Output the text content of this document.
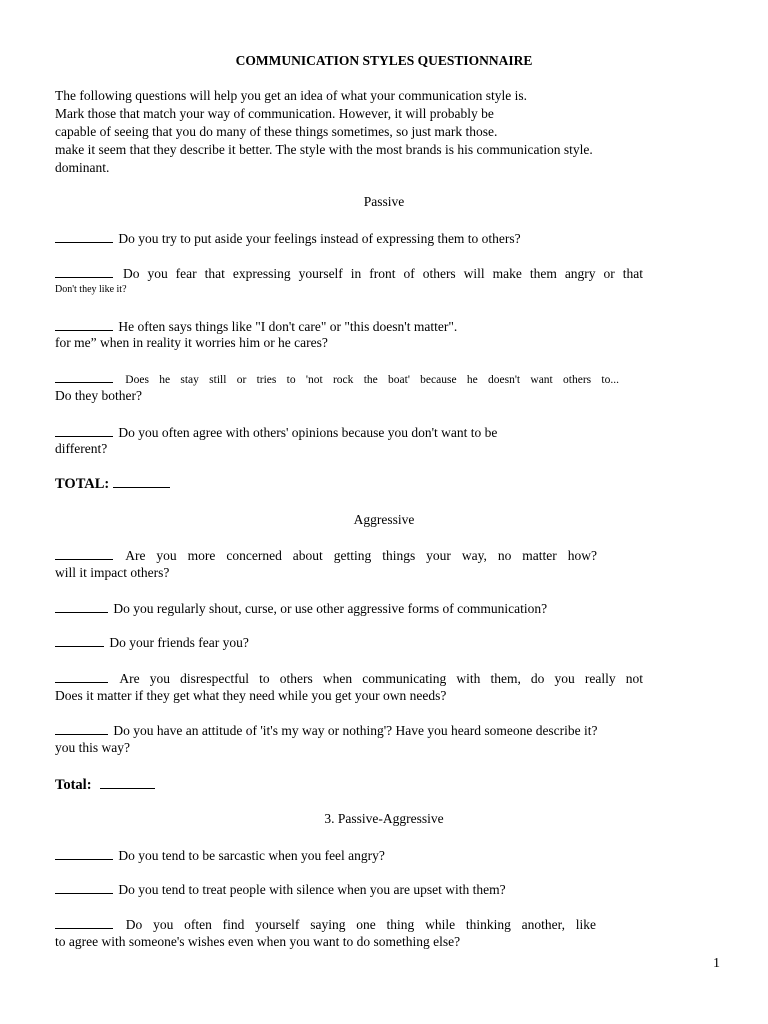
COMMUNICATION STYLES QUESTIONNAIRE
The following questions will help you get an idea of what your communication style is.
Mark those that match your way of communication. However, it will probably be
capable of seeing that you do many of these things sometimes, so just mark those.
make it seem that they describe it better. The style with the most brands is his communication style.
dominant.
Passive
Do you try to put aside your feelings instead of expressing them to others?
Do you fear that expressing yourself in front of others will make them angry or that
Don't they like it?
He often says things like "I don't care" or "this doesn't matter".
for me” when in reality it worries him or he cares?
Does he stay still or tries to 'not rock the boat' because he doesn't want others to...
Do they bother?
Do you often agree with others' opinions because you don't want to be
different?
TOTAL:
Aggressive
Are you more concerned about getting things your way, no matter how?
will it impact others?
Do you regularly shout, curse, or use other aggressive forms of communication?
Do your friends fear you?
Are you disrespectful to others when communicating with them, do you really not
Does it matter if they get what they need while you get your own needs?
Do you have an attitude of 'it's my way or nothing'? Have you heard someone describe it?
you this way?
Total:
3. Passive-Aggressive
Do you tend to be sarcastic when you feel angry?
Do you tend to treat people with silence when you are upset with them?
Do you often find yourself saying one thing while thinking another, like
to agree with someone's wishes even when you want to do something else?
1
